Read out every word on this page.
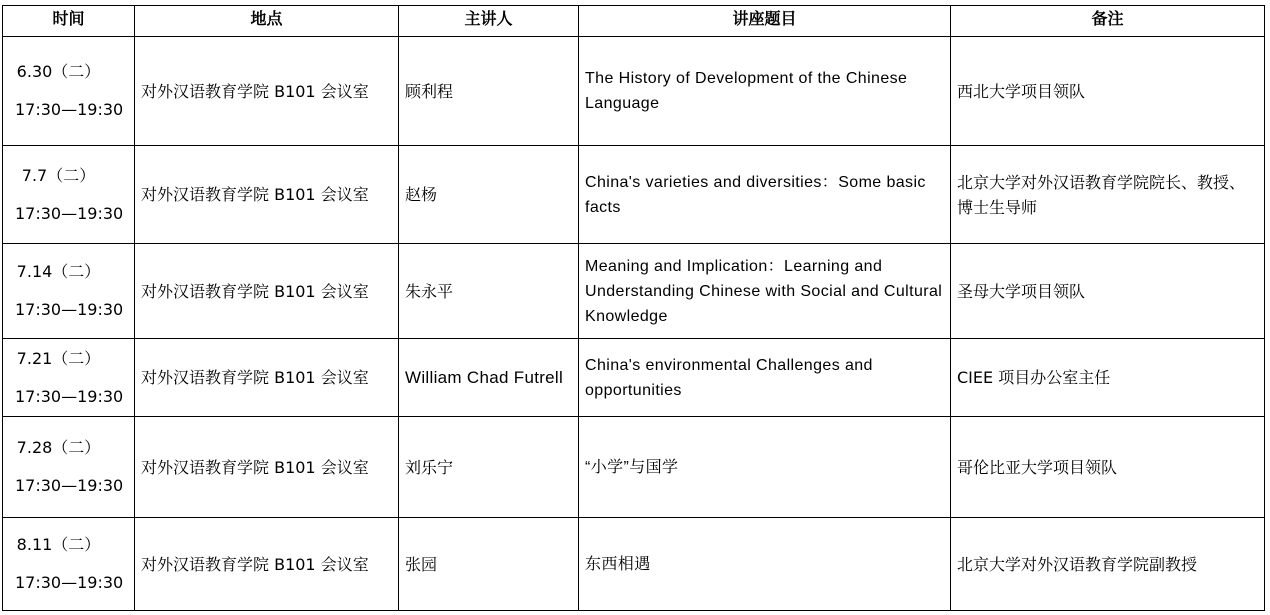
时间	地点	主讲人	讲座题目	备注

6.30（二）
17:30—19:30	对外汉语教育学院 B101 会议室	顾利程	The History of Development of the Chinese Language	西北大学项目领队

7.7（二）
17:30—19:30	对外汉语教育学院 B101 会议室	赵杨	China's varieties and diversities：Some basic facts	北京大学对外汉语教育学院院长、教授、博士生导师

7.14（二）
17:30—19:30	对外汉语教育学院 B101 会议室	朱永平	Meaning and Implication：Learning and Understanding Chinese with Social and Cultural Knowledge	圣母大学项目领队

7.21（二）
17:30—19:30	对外汉语教育学院 B101 会议室	William Chad Futrell	China's environmental Challenges and opportunities	CIEE 项目办公室主任

7.28（二）
17:30—19:30	对外汉语教育学院 B101 会议室	刘乐宁	“小学”与国学	哥伦比亚大学项目领队

8.11（二）
17:30—19:30	对外汉语教育学院 B101 会议室	张园	东西相遇	北京大学对外汉语教育学院副教授
